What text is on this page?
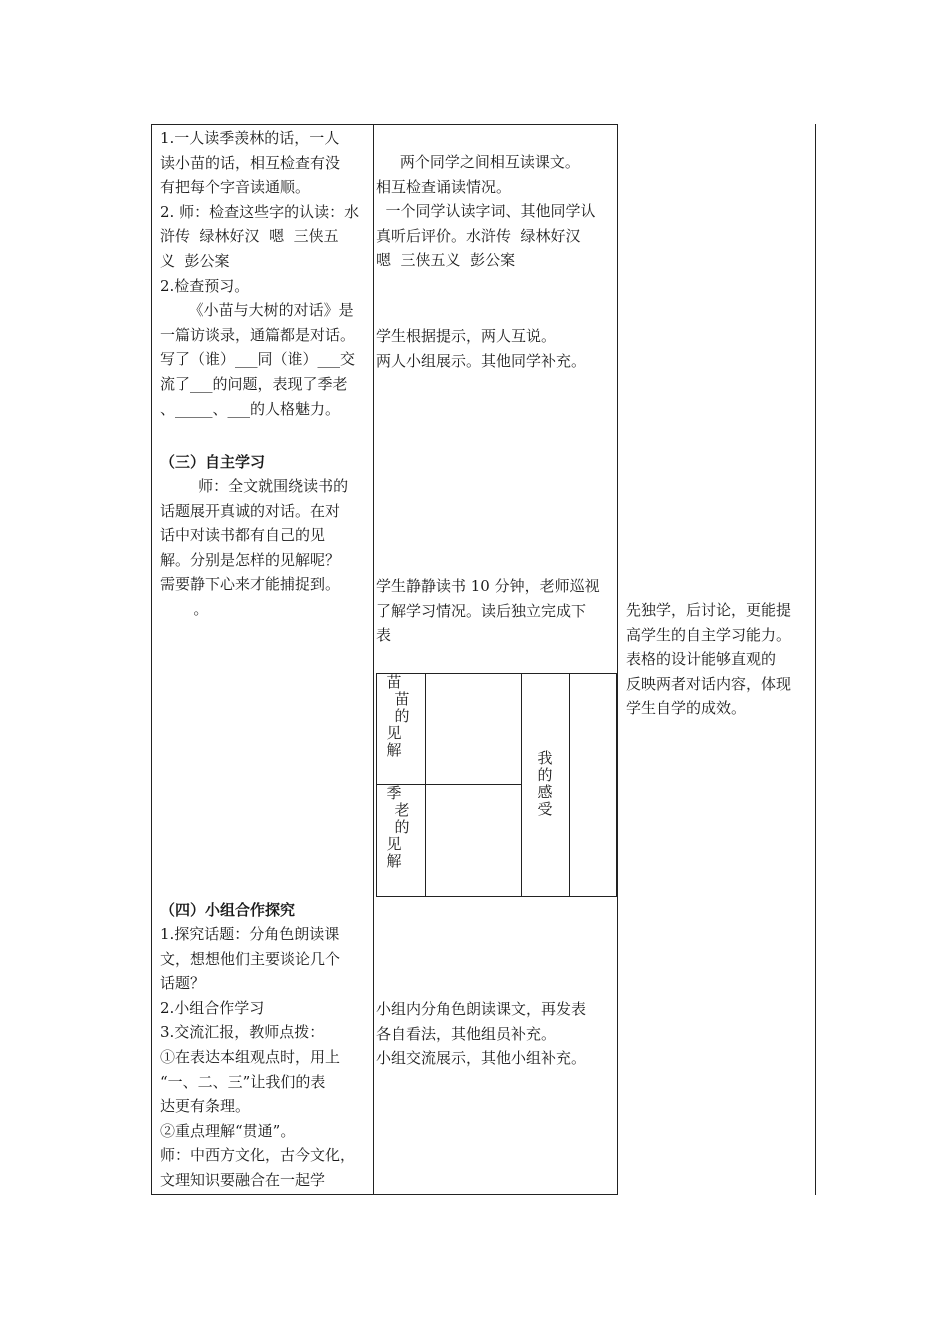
1.一人读季羡林的话，一人
读小苗的话，相互检查有没
有把每个字音读通顺。
2. 师：检查这些字的认读：水
浒传  绿林好汉  嗯  三侠五
义  彭公案
2.检查预习。
《小苗与大树的对话》是
一篇访谈录，通篇都是对话。
写了（谁）___同（谁）___交
流了___的问题，表现了季老
、_____、___的人格魅力。
（三）自主学习
师：全文就围绕读书的
话题展开真诚的对话。在对
话中对读书都有自己的见
解。分别是怎样的见解呢？
需要静下心来才能捕捉到。
。
（四）小组合作探究
1.探究话题：分角色朗读课
文，想想他们主要谈论几个
话题？
2.小组合作学习
3.交流汇报，教师点拨：
①在表达本组观点时，用上
“一、二、三”让我们的表
达更有条理。
②重点理解“贯通”。
师：中西方文化，古今文化，
文理知识要融合在一起学
两个同学之间相互读课文。
相互检查诵读情况。
一个同学认读字词、其他同学认
真听后评价。水浒传  绿林好汉
嗯  三侠五义  彭公案
学生根据提示，两人互说。
两人小组展示。其他同学补充。
学生静静读书 10 分钟，老师巡视
了解学习情况。读后独立完成下
表
苗
苗
的
见
解
季
老
的
见
解
我
的
感
受
小组内分角色朗读课文，再发表
各自看法，其他组员补充。
小组交流展示，其他小组补充。
先独学，后讨论，更能提
高学生的自主学习能力。
表格的设计能够直观的
反映两者对话内容，体现
学生自学的成效。
